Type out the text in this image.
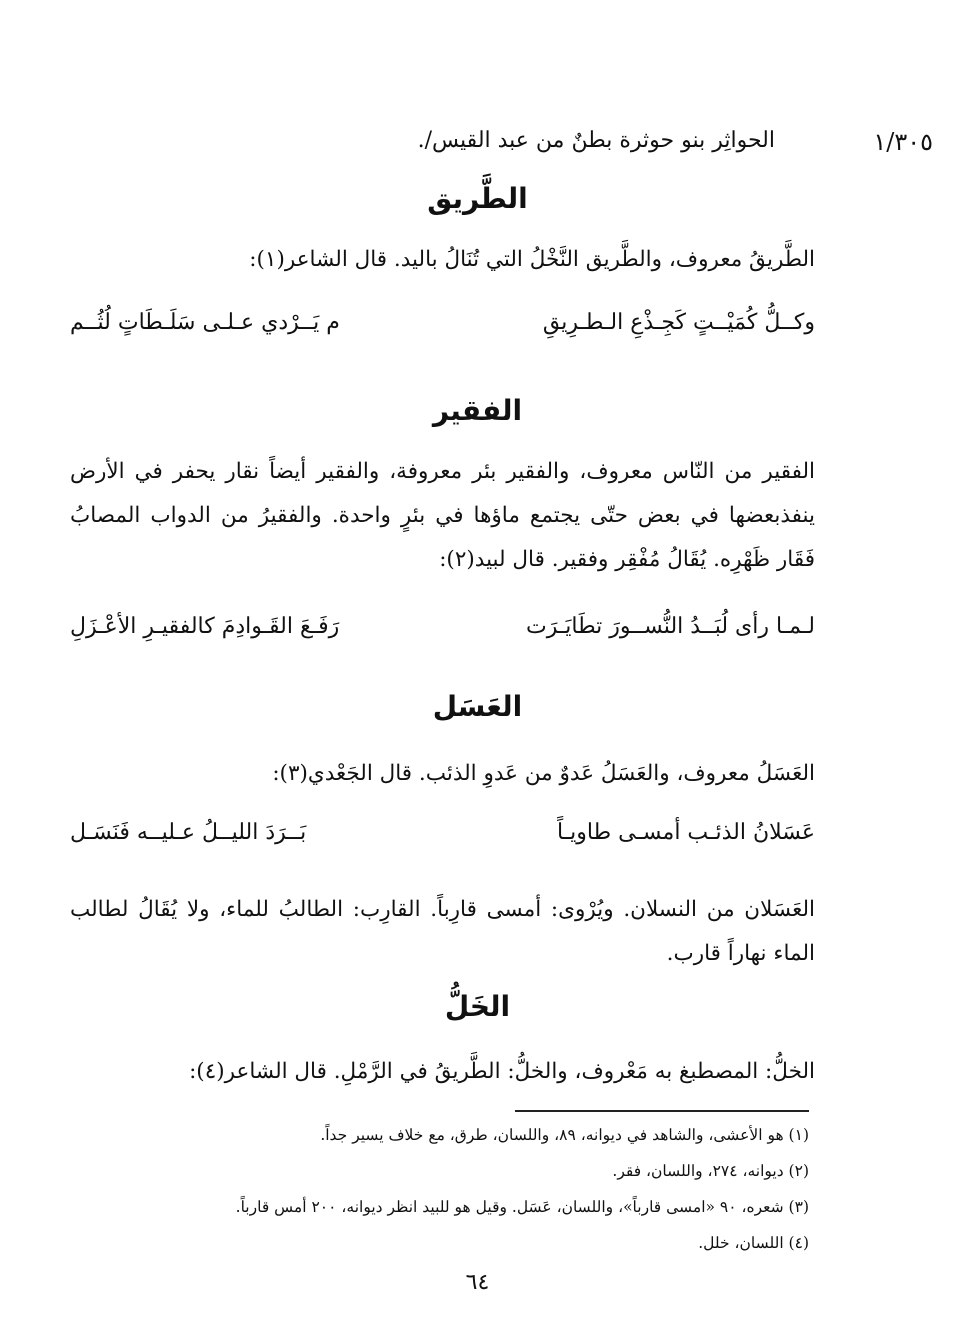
١/٣٠٥
الحواثِر بنو حوثرة بطنٌ من عبد القيس/.
الطَّريق
الطَّريقُ معروف، والطَّريق النَّخْلُ التي تُنَالُ باليد. قال الشاعر(١):
وكــلُّ كُمَيْــتٍ كَجِـذْعِ الـطـرِيقِ
م يَــرْدي عـلـى سَلَـطَاتٍ لُثُــم
الفقير
الفقير من النّاس معروف، والفقير بئر معروفة، والفقير أيضاً نقار يحفر في الأرض ينفذبعضها في بعض حتّى يجتمع ماؤها في بئرٍ واحدة. والفقيرُ من الدواب المصابُ فَقَار ظَهْرِه. يُقَالُ مُفْقِر وفقير. قال لبيد(٢):
لـمـا رأى لُبَــدُ النُّســورَ تطَايَـرَت
رَفَـعَ القَـوادِمَ كالفقيـرِ الأعْـزَلِ
العَسَل
العَسَلُ معروف، والعَسَلُ عَدوٌ من عَدوِ الذئب. قال الجَعْدي(٣):
عَسَلانُ الذئـب أمسـى طاويـاً
بَــرَدَ الليــلُ عـليــه فَنَسَـل
العَسَلان من النسلان. ويُرْوى: أمسى قارِباً. القارِب: الطالبُ للماء، ولا يُقَالُ لطالب الماء نهاراً قارب.
الخَلُّ
الخلُّ: المصطبغ به مَعْروف، والخلُّ: الطَّريقُ في الرَّمْلِ. قال الشاعر(٤):
(١) هو الأعشى، والشاهد في ديوانه، ٨٩، واللسان، طرق، مع خلاف يسير جداً.
(٢) ديوانه، ٢٧٤، واللسان، فقر.
(٣) شعره، ٩٠ «امسى قارباً»، واللسان، عَسَل. وقيل هو للبيد انظر ديوانه، ٢٠٠ أمس قارباً.
(٤) اللسان، خلل.
٦٤
